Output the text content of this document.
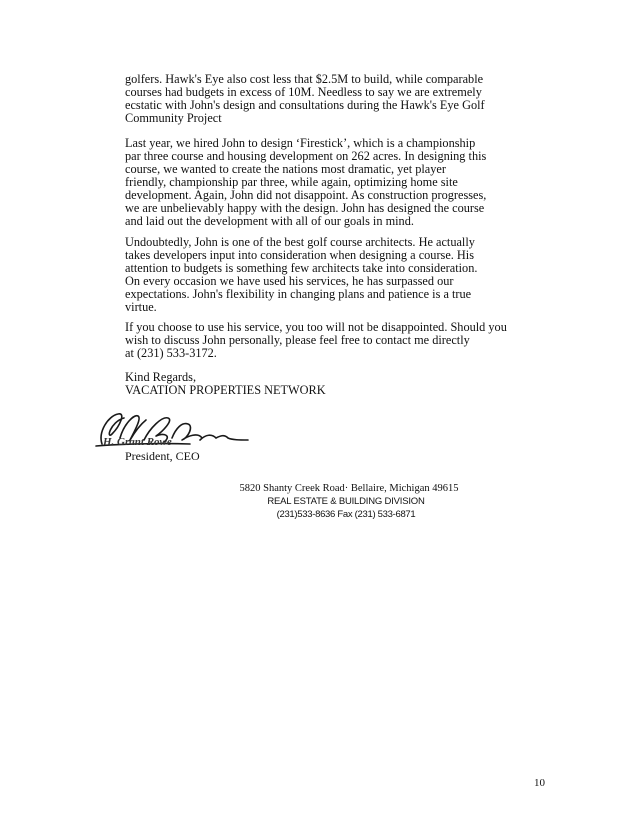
golfers. Hawk's Eye also cost less that $2.5M to build, while comparable
courses had budgets in excess of 10M. Needless to say we are extremely
ecstatic with John's design and consultations during the Hawk's Eye Golf
Community Project
Last year, we hired John to design ‘Firestick’, which is a championship
par three course and housing development on 262 acres. In designing this
course, we wanted to create the nations most dramatic, yet player
friendly, championship par three, while again, optimizing home site
development. Again, John did not disappoint. As construction progresses,
we are unbelievably happy with the design. John has designed the course
and laid out the development with all of our goals in mind.
Undoubtedly, John is one of the best golf course architects. He actually
takes developers input into consideration when designing a course. His
attention to budgets is something few architects take into consideration.
On every occasion we have used his services, he has surpassed our
expectations. John's flexibility in changing plans and patience is a true
virtue.
If you choose to use his service, you too will not be disappointed. Should you
wish to discuss John personally, please feel free to contact me directly
at (231) 533-3172.
Kind Regards,
VACATION PROPERTIES NETWORK
H. Grant Rowe
President, CEO
5820 Shanty Creek Road· Bellaire, Michigan 49615
REAL ESTATE & BUILDING DIVISION
(231)533-8636 Fax (231) 533-6871
10
